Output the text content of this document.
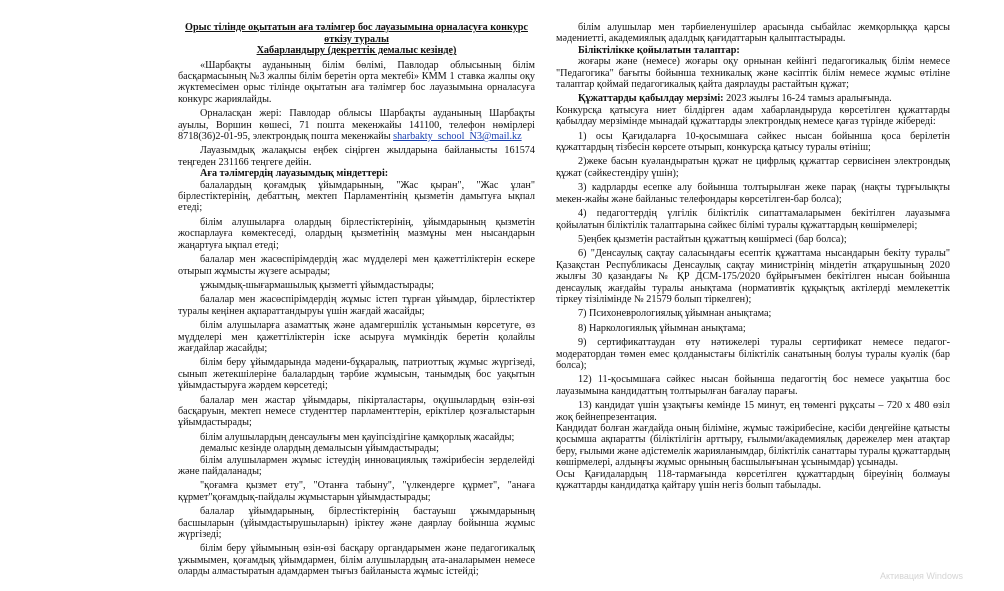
Орыс тілінде оқытатын аға тәлімгер бос лауазымына орналасуға конкурс өткізу туралы

Хабарландыру (декреттік демалыс кезінде)

«Шарбақты ауданының білім бөлімі, Павлодар облысының білім басқармасының №3 жалпы білім беретін орта мектебі» КММ 1 ставка жалпы оқу жүктемесімен орыс тілінде оқытатын аға тәлімгер бос лауазымына орналасуға конкурс жариялайды.

Орналасқан жері: Павлодар облысы Шарбақты ауданының Шарбақты ауылы, Воршин көшесі, 71 пошта мекенжайы 141100, телефон нөмірлері 8718(36)2-01-95, электрондық пошта мекенжайы sharbakty_school_N3@mail.kz

Лауазымдық жалақысы еңбек сіңірген жылдарына байланысты 161574 теңгеден 231166 теңгеге дейін.

Аға тәлімгердің лауазымдық міндеттері:

балалардың қоғамдық ұйымдарының, "Жас қыран", "Жас ұлан" бірлестіктерінің, дебаттың, мектеп Парламентінің қызметін дамытуға ықпал етеді;

білім алушыларға олардың бірлестіктерінің, ұйымдарының қызметін жоспарлауға көмектеседі, олардың қызметінің мазмұны мен нысандарын жаңартуға ықпал етеді;

балалар мен жасөспірімдердің жас мүдделері мен қажеттіліктерін ескере отырып жұмысты жүзеге асырады;

ұжымдық-шығармашылық қызметті ұйымдастырады;

балалар мен жасөспірімдердің жұмыс істеп тұрған ұйымдар, бірлестіктер туралы кеңінен ақпараттандыруы үшін жағдай жасайды;

білім алушыларға азаматтық және адамгершілік ұстанымын көрсетуге, өз мүдделері мен қажеттіліктерін іске асыруға мүмкіндік беретін қолайлы жағдайлар жасайды;

білім беру ұйымдарында мәдени-бұқаралық, патриоттық жұмыс жүргізеді, сынып жетекшілеріне балалардың тәрбие жұмысын, танымдық бос уақытын ұйымдастыруға жәрдем көрсетеді;

балалар мен жастар ұйымдары, пікірталастары, оқушылардың өзін-өзі басқаруын, мектеп немесе студенттер парламенттерін, еріктілер қозғалыстарын ұйымдастырады;

білім алушылардың денсаулығы мен қауіпсіздігіне қамқорлық жасайды;

демалыс кезінде олардың демалысын ұйымдастырады;

білім алушылармен жұмыс істеудің инновациялық тәжірибесін зерделейді және пайдаланады;

"қоғамға қызмет ету", "Отанға табыну", "үлкендерге құрмет", "анаға құрмет"қоғамдық-пайдалы жұмыстарын ұйымдастырады;

балалар ұйымдарының, бірлестіктерінің бастауыш ұжымдарының басшыларын (ұйымдастырушыларын) іріктеу және даярлау бойынша жұмыс жүргізеді;

білім беру ұйымының өзін-өзі басқару органдарымен және педагогикалық ұжымымен, қоғамдық ұйымдармен, білім алушылардың ата-аналарымен немесе оларды алмастыратын адамдармен тығыз байланыста жұмыс істейді;

білім алушылар мен тәрбиеленушілер арасында сыбайлас жемқорлыққа қарсы мәдениетті, академиялық адалдық қағидаттарын қалыптастырады.

Біліктілікке қойылатын талаптар:

жоғары және (немесе) жоғары оқу орнынан кейінгі педагогикалық білім немесе "Педагогика" бағыты бойынша техникалық және кәсіптік білім немесе жұмыс өтіліне талаптар қоймай педагогикалық қайта даярлауды растайтын құжат;

Құжаттарды қабылдау мерзімі: 2023 жылғы 16-24 тамыз аралығында.

Конкурсқа қатысуға ниет білдірген адам хабарландыруда көрсетілген құжаттарды қабылдау мерзімінде мынадай құжаттарды электрондық немесе қағаз түрінде жібереді:

1) осы Қағидаларға 10-қосымшаға сәйкес нысан бойынша қоса берілетін құжаттардың тізбесін көрсете отырып, конкурсқа қатысу туралы өтініш;

2)жеке басын куәландыратын құжат не цифрлық құжаттар сервисінен электрондық құжат (сәйкестендіру үшін);

3) кадрларды есепке алу бойынша толтырылған жеке парақ (нақты тұрғылықты мекен-жайы және байланыс телефондары көрсетілген-бар болса);

4) педагогтердің үлгілік біліктілік сипаттамаларымен бекітілген лауазымға қойылатын біліктілік талаптарына сәйкес білімі туралы құжаттардың көшірмелері;

5)еңбек қызметін растайтын құжаттың көшірмесі (бар болса);

6) "Денсаулық сақтау саласындағы есептік құжаттама нысандарын бекіту туралы" Қазақстан Республикасы Денсаулық сақтау министрінің міндетін атқарушының 2020 жылғы 30 қазандағы № ҚР ДСМ-175/2020 бұйрығымен бекітілген нысан бойынша денсаулық жағдайы туралы анықтама (нормативтік құқықтық актілерді мемлекеттік тіркеу тізілімінде № 21579 болып тіркелген);

7) Психоневрологиялық ұйымнан анықтама;

8) Наркологиялық ұйымнан анықтама;

9) сертификаттаудан өту нәтижелері туралы сертификат немесе педагог-модератордан төмен емес қолданыстағы біліктілік санатының болуы туралы куәлік (бар болса);

12) 11-қосымшаға сәйкес нысан бойынша педагогтің бос немесе уақытша бос лауазымына кандидаттың толтырылған бағалау парағы.

13) кандидат үшін ұзақтығы кемінде 15 минут, ең төменгі рұқсаты – 720 x 480 өзіл жоқ бейнепрезентация.

Кандидат болған жағдайда оның біліміне, жұмыс тәжірибесіне, кәсіби деңгейіне қатысты қосымша ақпаратты (біліктілігін арттыру, ғылыми/академиялық дәрежелер мен атақтар беру, ғылыми және әдістемелік жарияланымдар, біліктілік санаттары туралы құжаттардың көшірмелері, алдыңғы жұмыс орнының басшылығынан ұсынымдар) ұсынады.

Осы Қағидалардың 118-тармағында көрсетілген құжаттардың біреуінің болмауы құжаттарды кандидатқа қайтару үшін негіз болып табылады.

Активация Windows
